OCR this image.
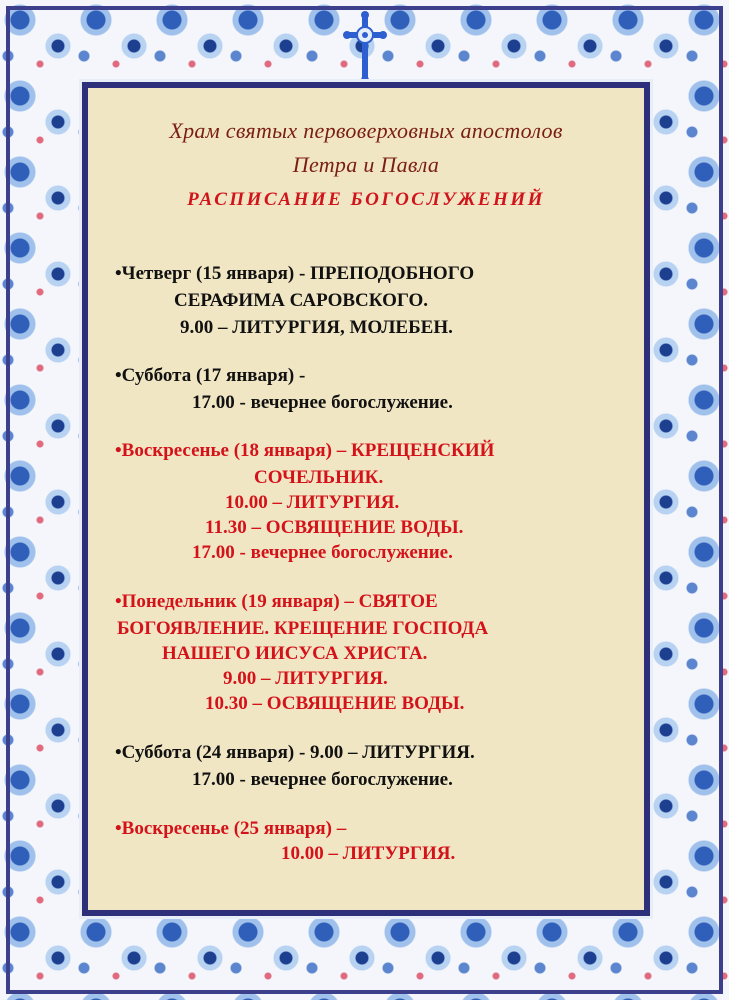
Храм святых первоверховных апостолов
Петра и Павла
РАСПИСАНИЕ БОГОСЛУЖЕНИЙ
•Четверг (15 января) - ПРЕПОДОБНОГО
СЕРАФИМА САРОВСКОГО.
9.00 – ЛИТУРГИЯ, МОЛЕБЕН.
•Суббота (17 января) -
17.00 - вечернее богослужение.
•Воскресенье (18 января) – КРЕЩЕНСКИЙ
СОЧЕЛЬНИК.
10.00 – ЛИТУРГИЯ.
11.30 – ОСВЯЩЕНИЕ ВОДЫ.
17.00 - вечернее богослужение.
•Понедельник (19 января) – СВЯТОЕ
БОГОЯВЛЕНИЕ. КРЕЩЕНИЕ ГОСПОДА
НАШЕГО ИИСУСА ХРИСТА.
9.00 – ЛИТУРГИЯ.
10.30 – ОСВЯЩЕНИЕ ВОДЫ.
•Суббота (24 января) - 9.00 – ЛИТУРГИЯ.
17.00 - вечернее богослужение.
•Воскресенье (25 января) –
10.00 – ЛИТУРГИЯ.
